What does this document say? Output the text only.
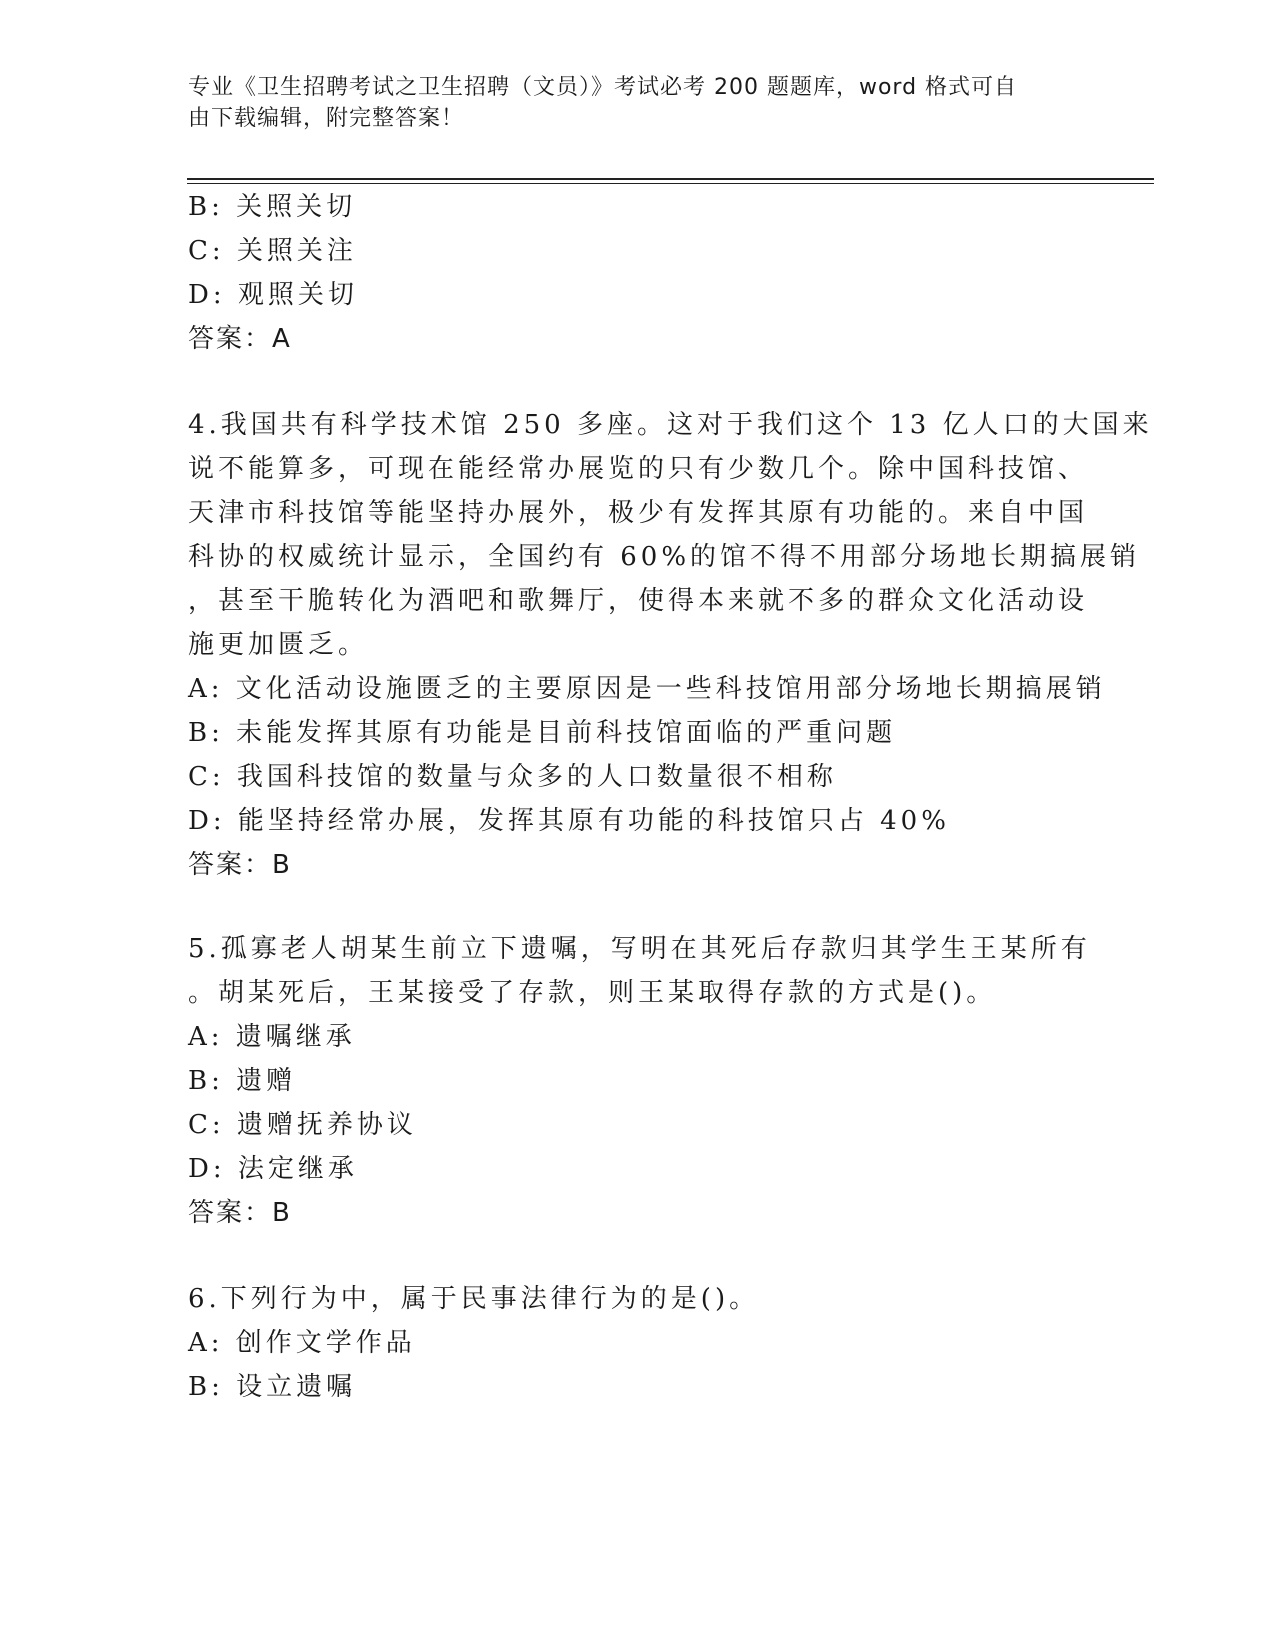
专业《卫生招聘考试之卫生招聘（文员）》考试必考 200 题题库，word 格式可自
由下载编辑，附完整答案！
B: 关照关切
C: 关照关注
D: 观照关切
答案：A
4.我国共有科学技术馆 250 多座。这对于我们这个 13 亿人口的大国来
说不能算多，可现在能经常办展览的只有少数几个。除中国科技馆、
天津市科技馆等能坚持办展外，极少有发挥其原有功能的。来自中国
科协的权威统计显示，全国约有 60%的馆不得不用部分场地长期搞展销
，甚至干脆转化为酒吧和歌舞厅，使得本来就不多的群众文化活动设
施更加匮乏。
A: 文化活动设施匮乏的主要原因是一些科技馆用部分场地长期搞展销
B: 未能发挥其原有功能是目前科技馆面临的严重问题
C: 我国科技馆的数量与众多的人口数量很不相称
D: 能坚持经常办展，发挥其原有功能的科技馆只占 40%
答案：B
5.孤寡老人胡某生前立下遗嘱，写明在其死后存款归其学生王某所有
。胡某死后，王某接受了存款，则王某取得存款的方式是()。
A: 遗嘱继承
B: 遗赠
C: 遗赠抚养协议
D: 法定继承
答案：B
6.下列行为中，属于民事法律行为的是()。
A: 创作文学作品
B: 设立遗嘱
